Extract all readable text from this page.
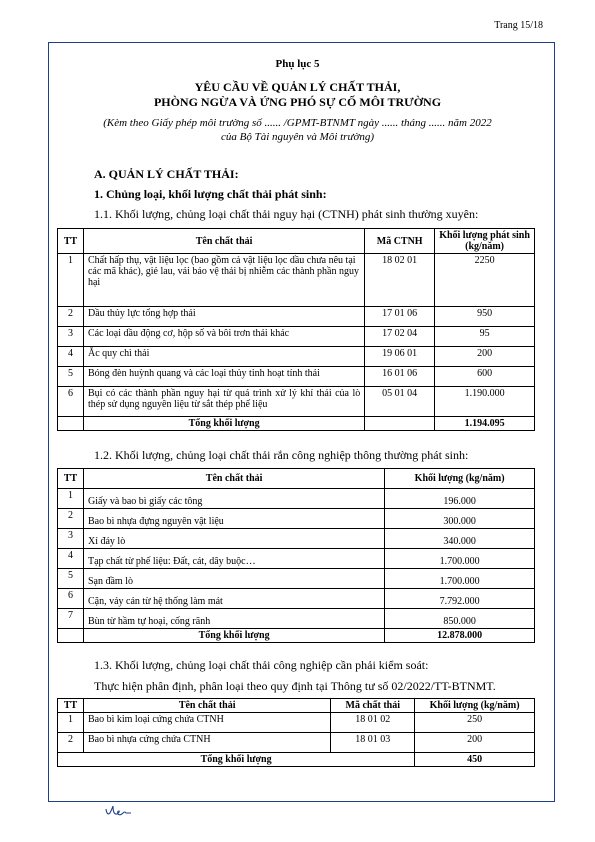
Trang 15/18
Phụ lục 5
YÊU CẦU VỀ QUẢN LÝ CHẤT THẢI,
PHÒNG NGỪA VÀ ỨNG PHÓ SỰ CỐ MÔI TRƯỜNG
(Kèm theo Giấy phép môi trường số ...... /GPMT-BTNMT ngày ...... tháng ...... năm 2022
của Bộ Tài nguyên và Môi trường)
A. QUẢN LÝ CHẤT THẢI:
1. Chủng loại, khối lượng chất thải phát sinh:
1.1. Khối lượng, chủng loại chất thải nguy hại (CTNH) phát sinh thường xuyên:
TT	Tên chất thải	Mã CTNH	Khối lượng phát sinh (kg/năm)
1	Chất hấp thụ, vật liệu lọc (bao gồm cả vật liệu lọc dầu chưa nêu tại các mã khác), giẻ lau, vải bảo vệ thải bị nhiễm các thành phần nguy hại	18 02 01	2250
2	Dầu thủy lực tổng hợp thải	17 01 06	950
3	Các loại dầu động cơ, hộp số và bôi trơn thải khác	17 02 04	95
4	Ắc quy chì thải	19 06 01	200
5	Bóng đèn huỳnh quang và các loại thủy tinh hoạt tính thải	16 01 06	600
6	Bụi có các thành phần nguy hại từ quá trình xử lý khí thải của lò thép sử dụng nguyên liệu từ sắt thép phế liệu	05 01 04	1.190.000
	Tổng khối lượng		1.194.095
1.2. Khối lượng, chủng loại chất thải rắn công nghiệp thông thường phát sinh:
TT	Tên chất thải	Khối lượng (kg/năm)
1	Giấy và bao bì giấy các tông	196.000
2	Bao bì nhựa đựng nguyên vật liệu	300.000
3	Xỉ đáy lò	340.000
4	Tạp chất từ phế liệu: Đất, cát, dây buộc…	1.700.000
5	Sạn đầm lò	1.700.000
6	Cặn, vảy cán từ hệ thống làm mát	7.792.000
7	Bùn từ hầm tự hoại, cống rãnh	850.000
	Tổng khối lượng	12.878.000
1.3. Khối lượng, chủng loại chất thải công nghiệp cần phải kiểm soát:
Thực hiện phân định, phân loại theo quy định tại Thông tư số 02/2022/TT-BTNMT.
TT	Tên chất thải	Mã chất thải	Khối lượng (kg/năm)
1	Bao bì kim loại cứng chứa CTNH	18 01 02	250
2	Bao bì nhựa cứng chứa CTNH	18 01 03	200
Tổng khối lượng			450
